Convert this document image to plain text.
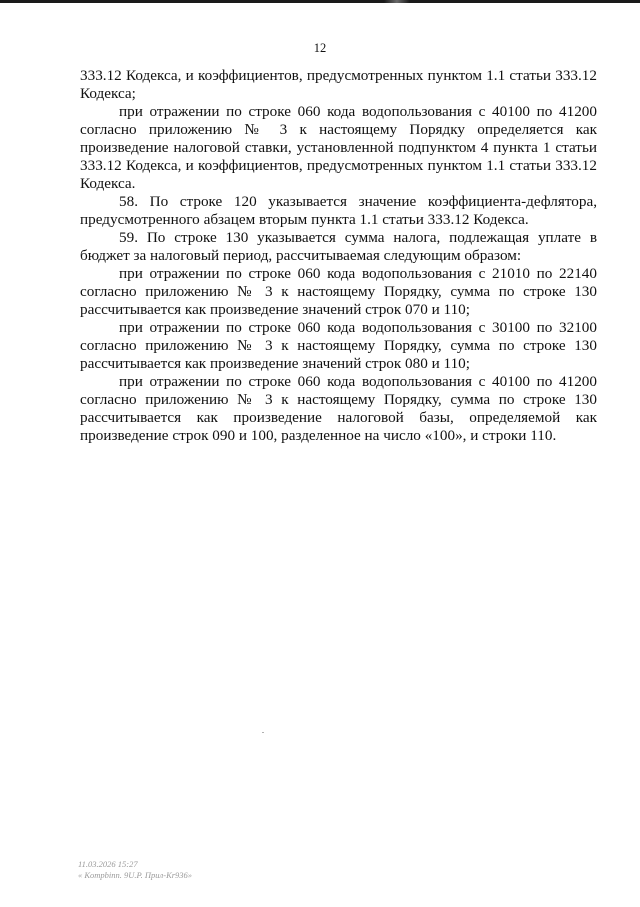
12

333.12 Кодекса, и коэффициентов, предусмотренных пунктом 1.1 статьи 333.12 Кодекса;

при отражении по строке 060 кода водопользования с 40100 по 41200 согласно приложению № 3 к настоящему Порядку определяется как произведение налоговой ставки, установленной подпунктом 4 пункта 1 статьи 333.12 Кодекса, и коэффициентов, предусмотренных пунктом 1.1 статьи 333.12 Кодекса.

58. По строке 120 указывается значение коэффициента-дефлятора, предусмотренного абзацем вторым пункта 1.1 статьи 333.12 Кодекса.

59. По строке 130 указывается сумма налога, подлежащая уплате в бюджет за налоговый период, рассчитываемая следующим образом:

при отражении по строке 060 кода водопользования с 21010 по 22140 согласно приложению № 3 к настоящему Порядку, сумма по строке 130 рассчитывается как произведение значений строк 070 и 110;

при отражении по строке 060 кода водопользования с 30100 по 32100 согласно приложению № 3 к настоящему Порядку, сумма по строке 130 рассчитывается как произведение значений строк 080 и 110;

при отражении по строке 060 кода водопользования с 40100 по 41200 согласно приложению № 3 к настоящему Порядку, сумма по строке 130 рассчитывается как произведение налоговой базы, определяемой как произведение строк 090 и 100, разделенное на число «100», и строки 110.

11.03.2026 15:27
« Kompbinn. 9U.P. Прил-Kr936»
